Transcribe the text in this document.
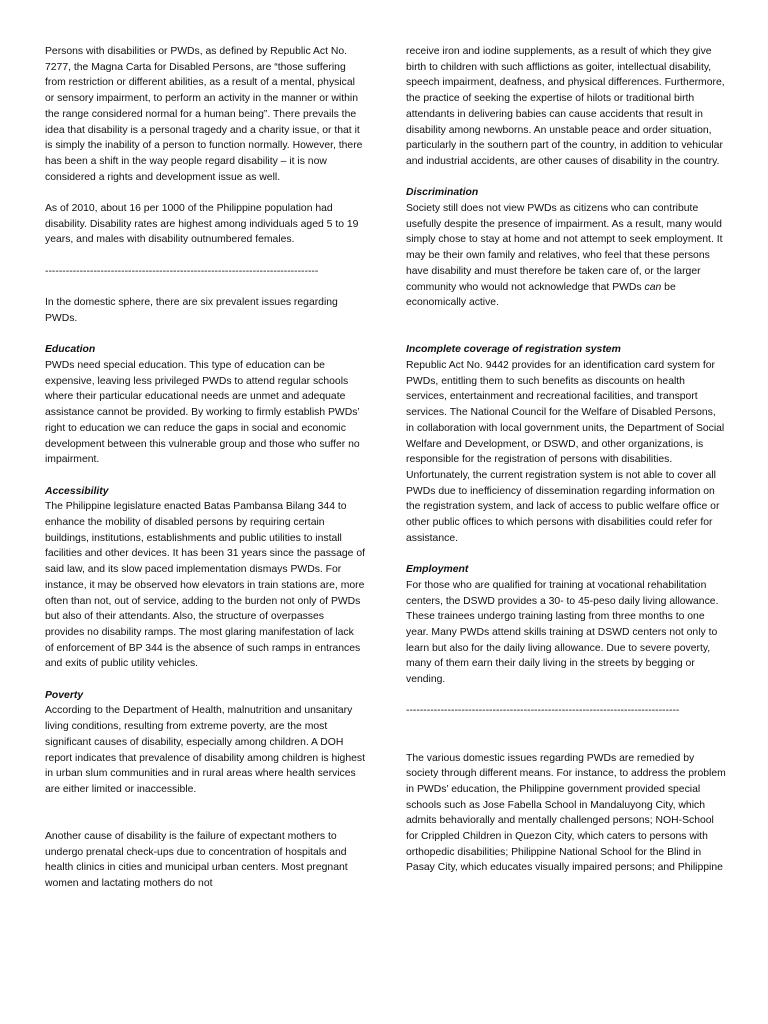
Persons with disabilities or PWDs, as defined by Republic Act No. 7277, the Magna Carta for Disabled Persons, are “those suffering from restriction or different abilities, as a result of a mental, physical or sensory impairment, to perform an activity in the manner or within the range considered normal for a human being”. There prevails the idea that disability is a personal tragedy and a charity issue, or that it is simply the inability of a person to function normally. However, there has been a shift in the way people regard disability – it is now considered a rights and development issue as well.

As of 2010, about 16 per 1000 of the Philippine population had disability. Disability rates are highest among individuals aged 5 to 19 years, and males with disability outnumbered females.

-------------------------------------------------------------------------------

In the domestic sphere, there are six prevalent issues regarding PWDs.

Education

PWDs need special education. This type of education can be expensive, leaving less privileged PWDs to attend regular schools where their particular educational needs are unmet and adequate assistance cannot be provided. By working to firmly establish PWDs’ right to education we can reduce the gaps in social and economic development between this vulnerable group and those who suffer no impairment.

Accessibility

The Philippine legislature enacted Batas Pambansa Bilang 344 to enhance the mobility of disabled persons by requiring certain buildings, institutions, establishments and public utilities to install facilities and other devices. It has been 31 years since the passage of said law, and its slow paced implementation dismays PWDs. For instance, it may be observed how elevators in train stations are, more often than not, out of service, adding to the burden not only of PWDs but also of their attendants. Also, the structure of overpasses provides no disability ramps. The most glaring manifestation of lack of enforcement of BP 344 is the absence of such ramps in entrances and exits of public utility vehicles.

Poverty

According to the Department of Health, malnutrition and unsanitary living conditions, resulting from extreme poverty, are the most significant causes of disability, especially among children. A DOH report indicates that prevalence of disability among children is highest in urban slum communities and in rural areas where health services are either limited or inaccessible.

Another cause of disability is the failure of expectant mothers to undergo prenatal check-ups due to concentration of hospitals and health clinics in cities and municipal urban centers. Most pregnant women and lactating mothers do not

receive iron and iodine supplements, as a result of which they give birth to children with such afflictions as goiter, intellectual disability, speech impairment, deafness, and physical differences. Furthermore, the practice of seeking the expertise of hilots or traditional birth attendants in delivering babies can cause accidents that result in disability among newborns. An unstable peace and order situation, particularly in the southern part of the country, in addition to vehicular and industrial accidents, are other causes of disability in the country.

Discrimination

Society still does not view PWDs as citizens who can contribute usefully despite the presence of impairment. As a result, many would simply chose to stay at home and not attempt to seek employment. It may be their own family and relatives, who feel that these persons have disability and must therefore be taken care of, or the larger community who would not acknowledge that PWDs can be economically active.

Incomplete coverage of registration system

Republic Act No. 9442 provides for an identification card system for PWDs, entitling them to such benefits as discounts on health services, entertainment and recreational facilities, and transport services. The National Council for the Welfare of Disabled Persons, in collaboration with local government units, the Department of Social Welfare and Development, or DSWD, and other organizations, is responsible for the registration of persons with disabilities. Unfortunately, the current registration system is not able to cover all PWDs due to inefficiency of dissemination regarding information on the registration system, and lack of access to public welfare office or other public offices to which persons with disabilities could refer for assistance.

Employment

For those who are qualified for training at vocational rehabilitation centers, the DSWD provides a 30- to 45-peso daily living allowance. These trainees undergo training lasting from three months to one year. Many PWDs attend skills training at DSWD centers not only to learn but also for the daily living allowance. Due to severe poverty, many of them earn their daily living in the streets by begging or vending.

-------------------------------------------------------------------------------

The various domestic issues regarding PWDs are remedied by society through different means. For instance, to address the problem in PWDs’ education, the Philippine government provided special schools such as Jose Fabella School in Mandaluyong City, which admits behaviorally and mentally challenged persons; NOH-School for Crippled Children in Quezon City, which caters to persons with orthopedic disabilities; Philippine National School for the Blind in Pasay City, which educates visually impaired persons; and Philippine
